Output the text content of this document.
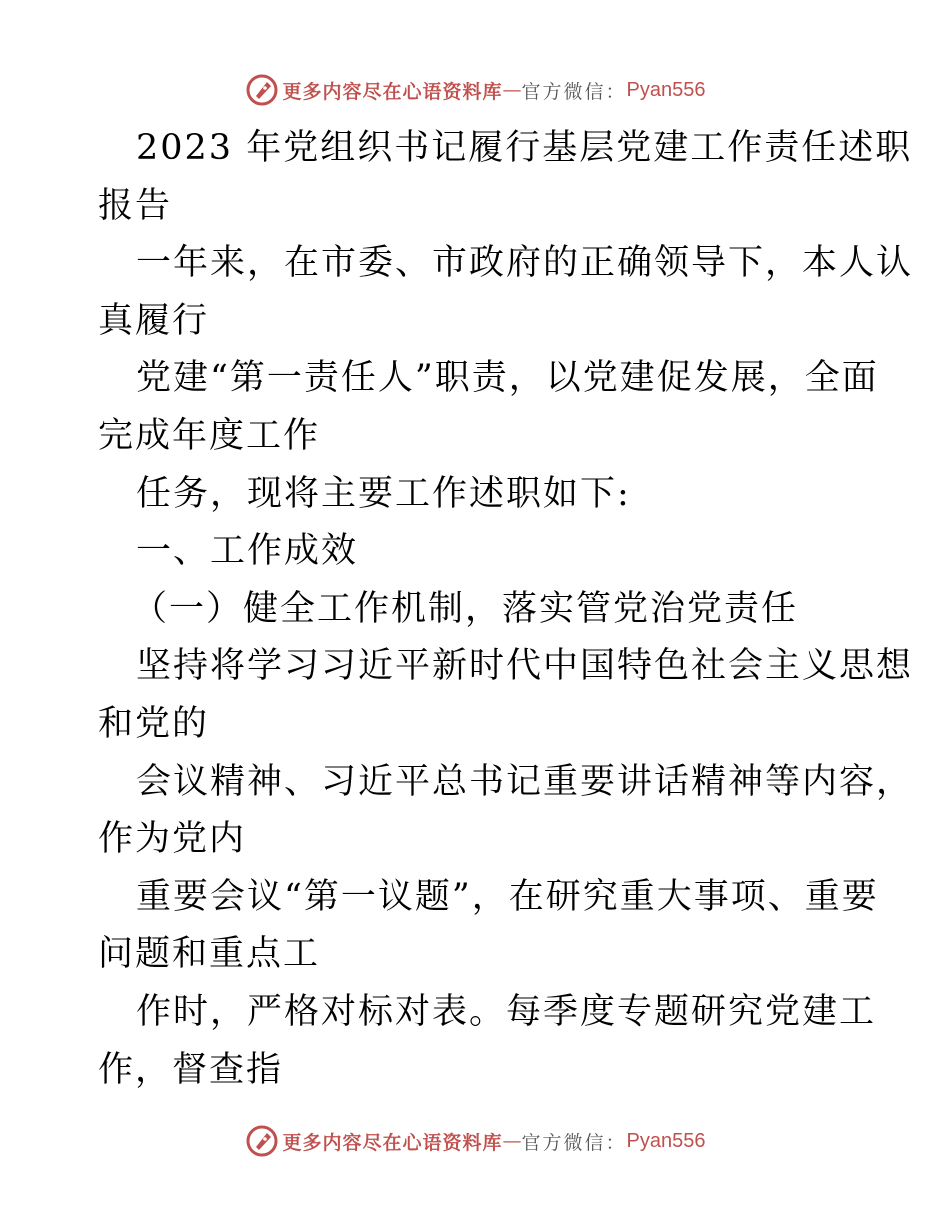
更多内容尽在心语资料库 — 官方微信： Pyan556
2023 年党组织书记履行基层党建工作责任述职
报告
一年来，在市委、市政府的正确领导下，本人认
真履行
党建“第一责任人”职责，以党建促发展，全面
完成年度工作
任务，现将主要工作述职如下:
一、工作成效
（一）健全工作机制，落实管党治党责任
坚持将学习习近平新时代中国特色社会主义思想
和党的
会议精神、习近平总书记重要讲话精神等内容，
作为党内
重要会议“第一议题”，在研究重大事项、重要
问题和重点工
作时，严格对标对表。每季度专题研究党建工
作，督查指
更多内容尽在心语资料库 — 官方微信： Pyan556
